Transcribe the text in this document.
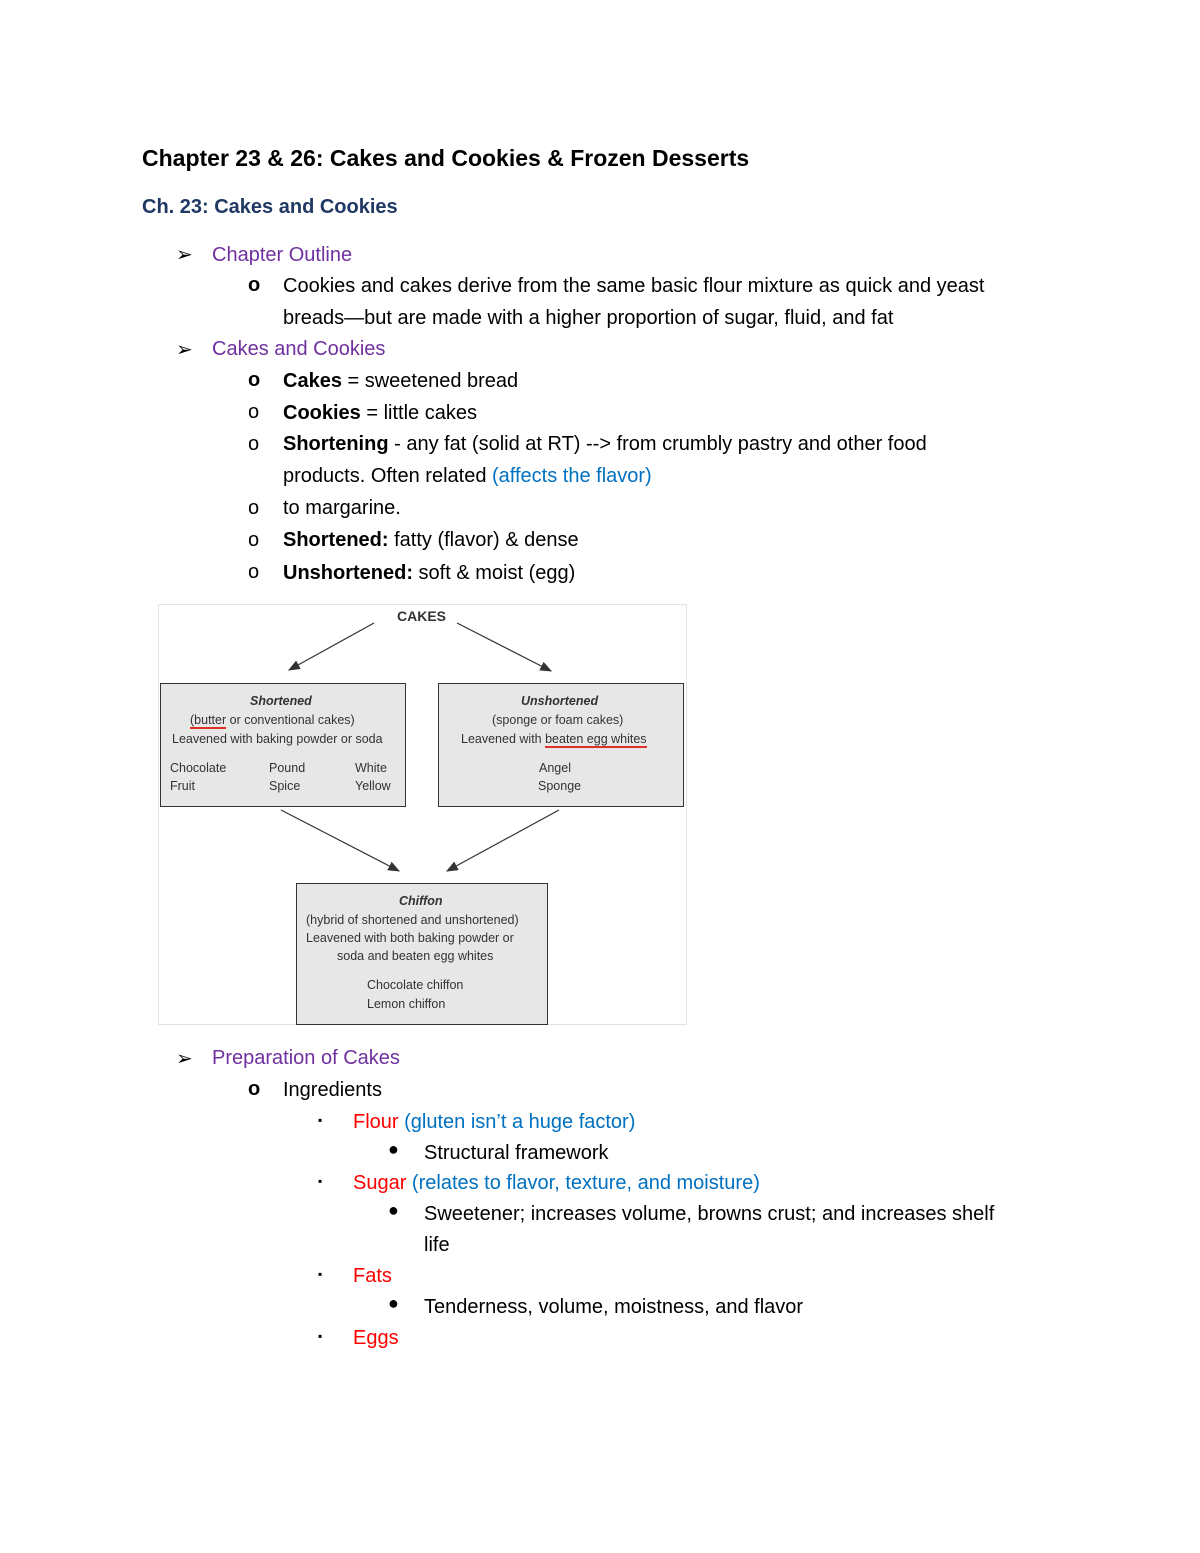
Chapter 23 & 26: Cakes and Cookies & Frozen Desserts
Ch. 23: Cakes and Cookies
➢ Chapter Outline
o Cookies and cakes derive from the same basic flour mixture as quick and yeast
breads—but are made with a higher proportion of sugar, fluid, and fat
➢ Cakes and Cookies
o Cakes = sweetened bread
o Cookies = little cakes
o Shortening - any fat (solid at RT) --> from crumbly pastry and other food
products. Often related (affects the flavor)
o to margarine.
o Shortened: fatty (flavor) & dense
o Unshortened: soft & moist (egg)
CAKES
Shortened
(butter or conventional cakes)
Leavened with baking powder or soda
Chocolate
Fruit
Pound
Spice
White
Yellow
Unshortened
(sponge or foam cakes)
Leavened with beaten egg whites
Angel
Sponge
Chiffon
(hybrid of shortened and unshortened)
Leavened with both baking powder or
soda and beaten egg whites
Chocolate chiffon
Lemon chiffon
➢ Preparation of Cakes
o Ingredients
▪ Flour (gluten isn’t a huge factor)
● Structural framework
▪ Sugar (relates to flavor, texture, and moisture)
● Sweetener; increases volume, browns crust; and increases shelf
life
▪ Fats
● Tenderness, volume, moistness, and flavor
▪ Eggs
